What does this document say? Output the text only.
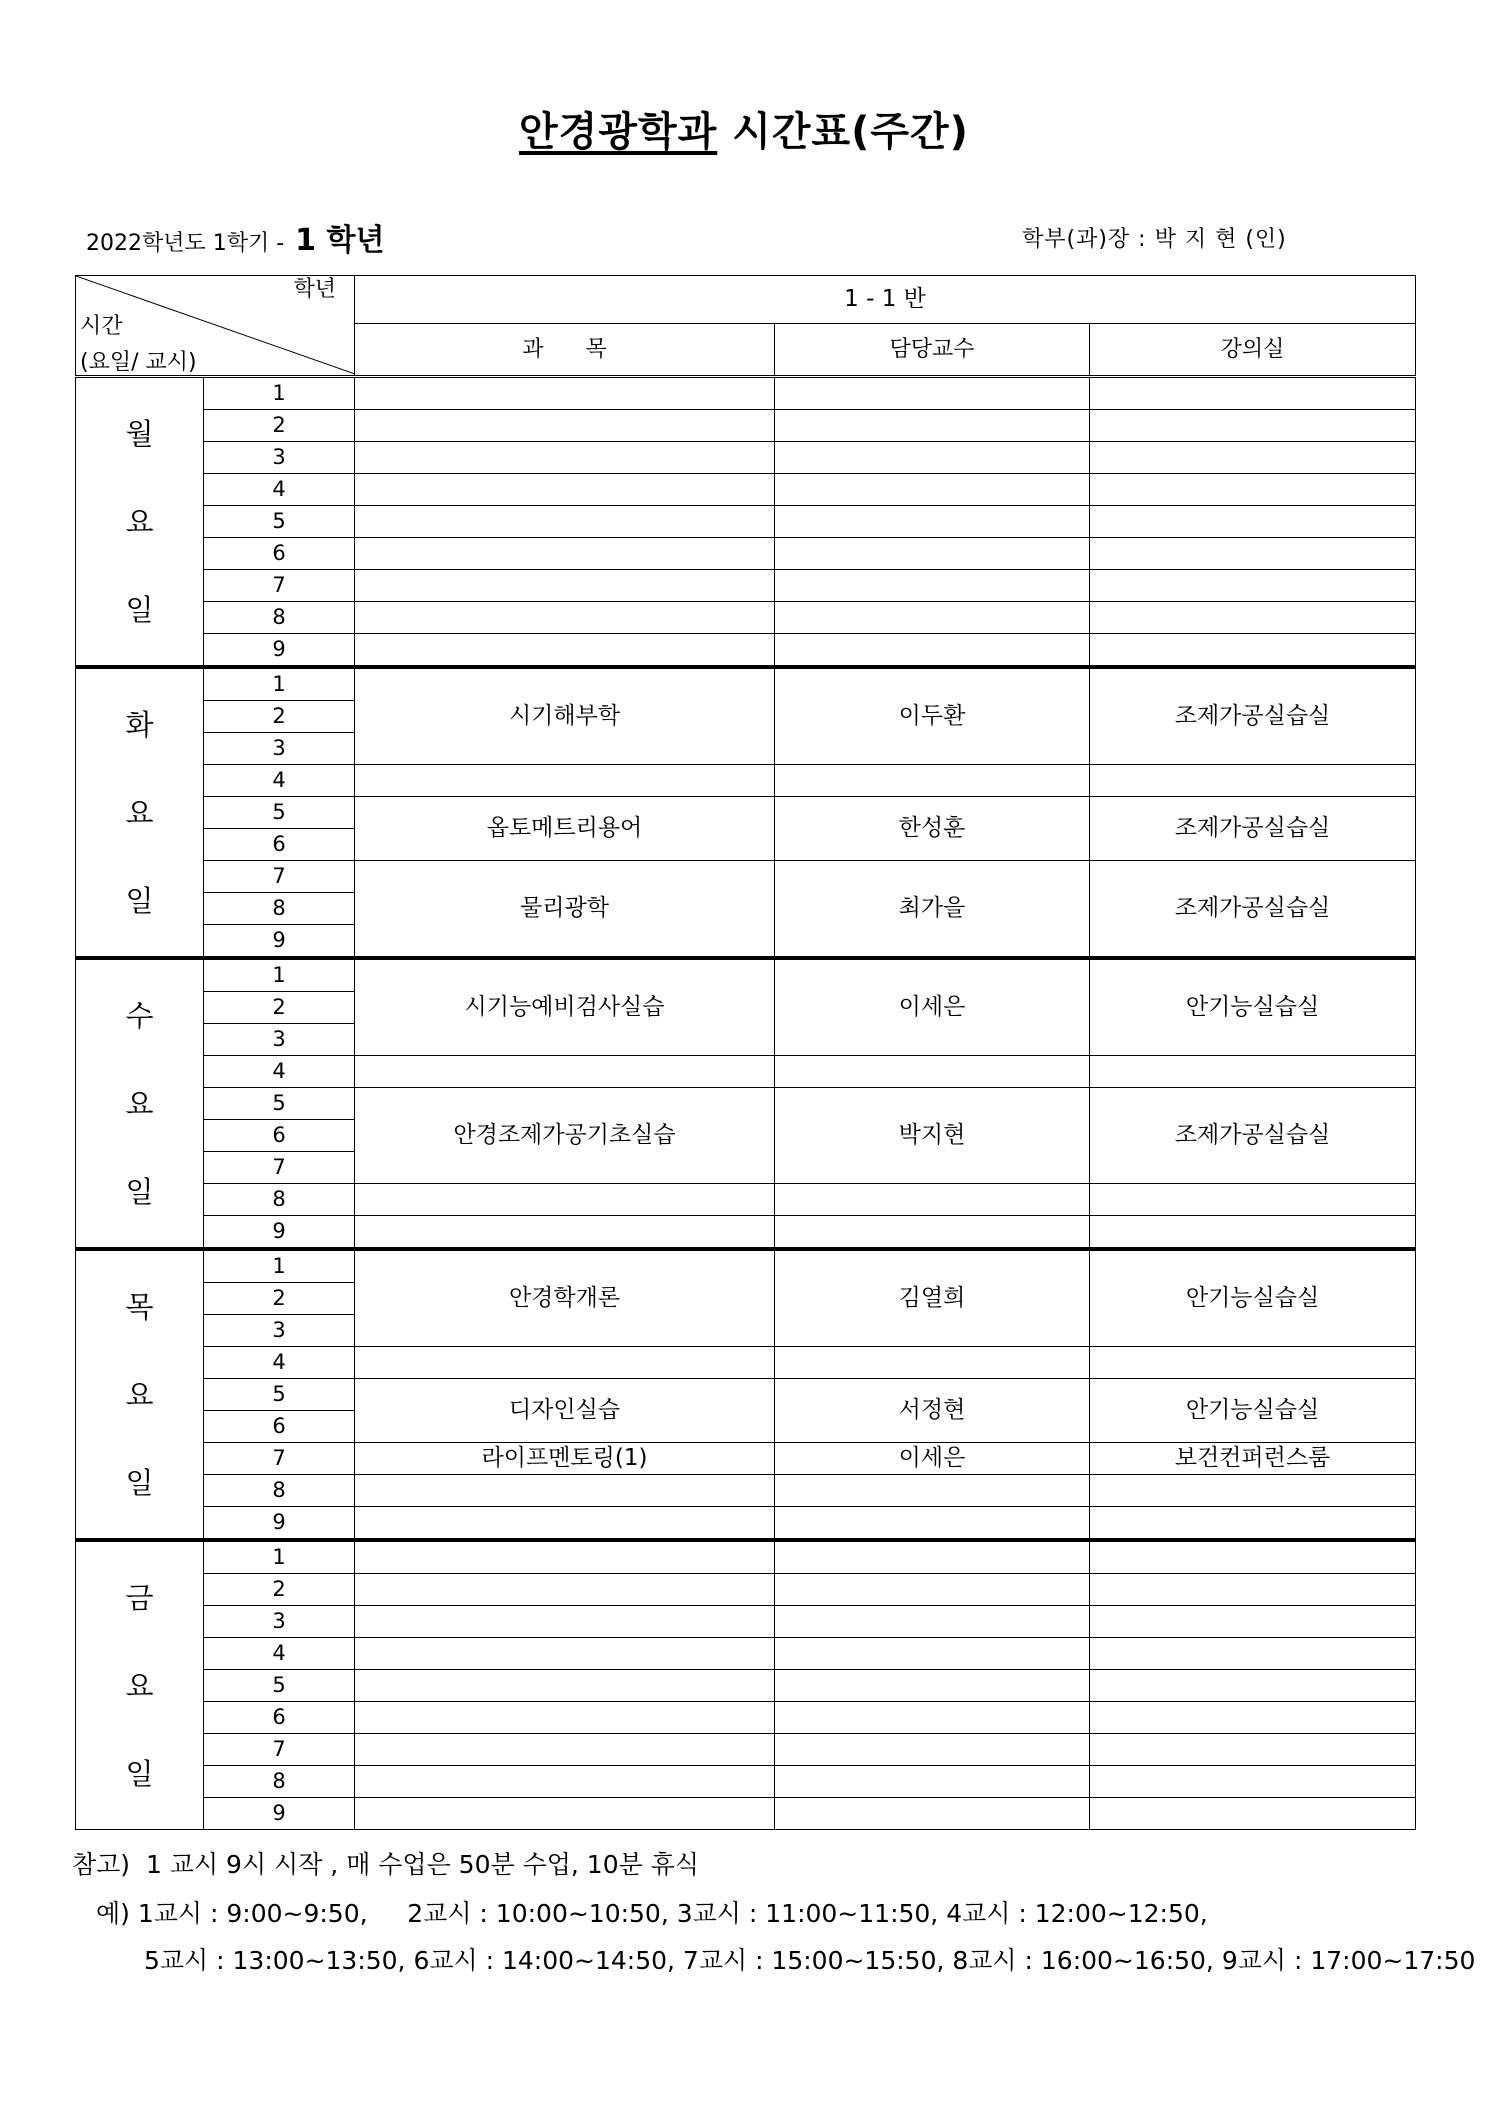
안경광학과 시간표(주간)
2022학년도 1학기 - 1 학년	학부(과)장 : 박 지 현 (인)
학년
시간
(요일/ 교시)		1 - 1 반		
		과      목	담당교수	강의실

월
요
일	1			
	2			
	3			
	4			
	5			
	6			
	7			
	8			
	9			

화
요
일	1	시기해부학	이두환	조제가공실습실
	2			
	3			
	4			
	5	옵토메트리용어	한성훈	조제가공실습실
	6			
	7	물리광학	최가을	조제가공실습실
	8			
	9			

수
요
일	1	시기능예비검사실습	이세은	안기능실습실
	2			
	3			
	4			
	5	안경조제가공기초실습	박지현	조제가공실습실
	6			
	7			
	8			
	9			

목
요
일	1	안경학개론	김열희	안기능실습실
	2			
	3			
	4			
	5	디자인실습	서정현	안기능실습실
	6			
	7	라이프멘토링(1)	이세은	보건컨퍼런스룸
	8			
	9			

금
요
일	1			
	2			
	3			
	4			
	5			
	6			
	7			
	8			
	9			
참고)  1 교시 9시 시작 , 매 수업은 50분 수업, 10분 휴식
예) 1교시 : 9:00~9:50,     2교시 : 10:00~10:50, 3교시 : 11:00~11:50, 4교시 : 12:00~12:50,
5교시 : 13:00~13:50, 6교시 : 14:00~14:50, 7교시 : 15:00~15:50, 8교시 : 16:00~16:50, 9교시 : 17:00~17:50
